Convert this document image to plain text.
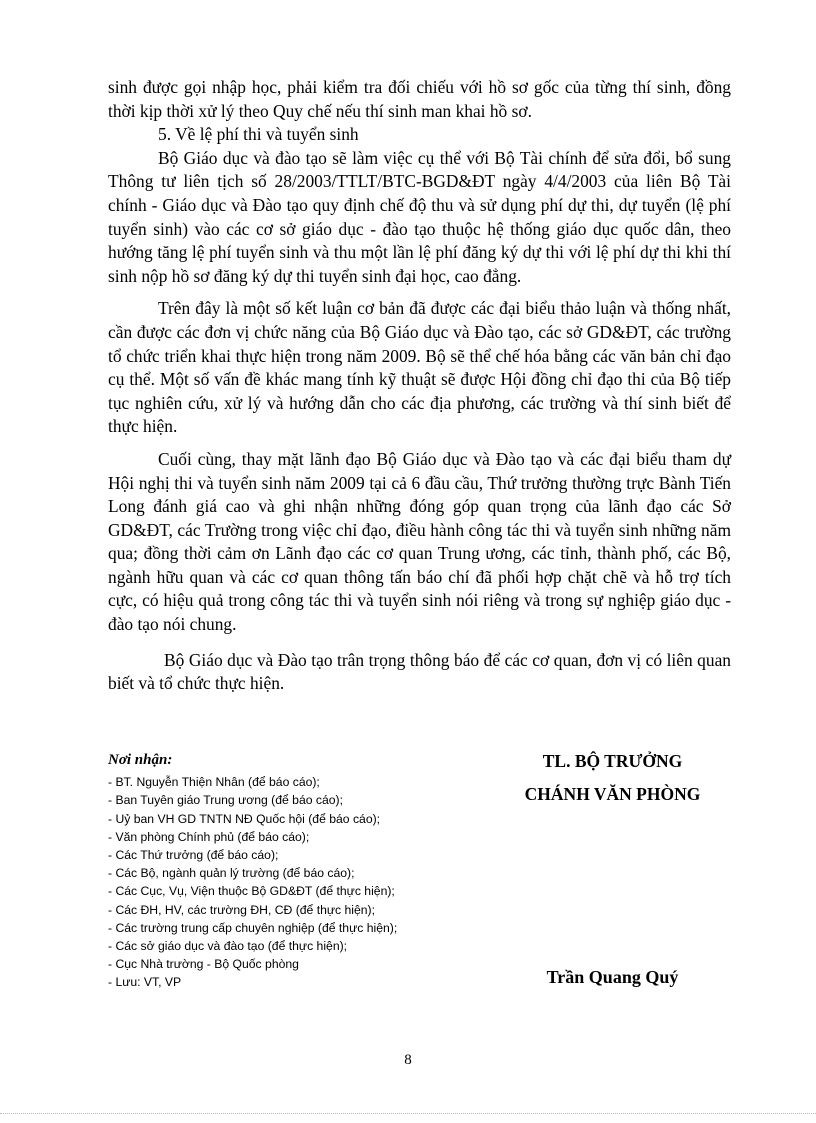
sinh được gọi nhập học, phải kiểm tra đối chiếu với hồ sơ gốc của từng thí sinh, đồng thời kịp thời xử lý theo Quy chế nếu thí sinh man khai hồ sơ.

5. Về lệ phí thi và tuyển sinh

Bộ Giáo dục và đào tạo sẽ làm việc cụ thể với Bộ Tài chính để sửa đổi, bổ sung Thông tư liên tịch số 28/2003/TTLT/BTC-BGD&ĐT ngày 4/4/2003 của liên Bộ Tài chính - Giáo dục và Đào tạo quy định chế độ thu và sử dụng phí dự thi, dự tuyển (lệ phí tuyển sinh) vào các cơ sở giáo dục - đào tạo thuộc hệ thống giáo dục quốc dân, theo hướng tăng lệ phí tuyển sinh và thu một lần lệ phí đăng ký dự thi với lệ phí dự thi khi thí sinh nộp hồ sơ đăng ký dự thi tuyển sinh đại học, cao đẳng.

Trên đây là một số kết luận cơ bản đã được các đại biểu thảo luận và thống nhất, cần được các đơn vị chức năng của Bộ Giáo dục và Đào tạo, các sở GD&ĐT, các trường tổ chức triển khai thực hiện trong năm 2009. Bộ sẽ thể chế hóa bằng các văn bản chỉ đạo cụ thể. Một số vấn đề khác mang tính kỹ thuật sẽ được Hội đồng chỉ đạo thi của Bộ tiếp tục nghiên cứu, xử lý và hướng dẫn cho các địa phương, các trường và thí sinh biết để thực hiện.

Cuối cùng, thay mặt lãnh đạo Bộ Giáo dục và Đào tạo và các đại biểu tham dự Hội nghị thi và tuyển sinh năm 2009 tại cả 6 đầu cầu, Thứ trưởng thường trực Bành Tiến Long đánh giá cao và ghi nhận những đóng góp quan trọng của lãnh đạo các Sở GD&ĐT, các Trường trong việc chỉ đạo, điều hành công tác thi và tuyển sinh những năm qua; đồng thời cảm ơn Lãnh đạo các cơ quan Trung ương, các tỉnh, thành phố, các Bộ, ngành hữu quan và các cơ quan thông tấn báo chí đã phối hợp chặt chẽ và hỗ trợ tích cực, có hiệu quả trong công tác thi và tuyển sinh nói riêng và trong sự nghiệp giáo dục - đào tạo nói chung.

Bộ Giáo dục và Đào tạo trân trọng thông báo để các cơ quan, đơn vị có liên quan biết và tổ chức thực hiện.

Nơi nhận:
- BT. Nguyễn Thiện Nhân (để báo cáo);
- Ban Tuyên giáo Trung ương (để báo cáo);
- Uỷ ban VH GD TNTN NĐ Quốc hội (để báo cáo);
- Văn phòng Chính phủ (để báo cáo);
- Các Thứ trưởng (để báo cáo);
- Các Bộ, ngành quản lý trường (để báo cáo);
- Các Cục, Vụ, Viện thuộc Bộ GD&ĐT (để thực hiện);
- Các ĐH, HV, các trường ĐH, CĐ (để thực hiện);
- Các trường trung cấp chuyên nghiệp (để thực hiện);
- Các sở giáo dục và đào tạo (để thực hiện);
- Cục Nhà trường - Bộ Quốc phòng
- Lưu: VT, VP
TL. BỘ TRƯỞNG
CHÁNH VĂN PHÒNG
Trần Quang Quý
8
